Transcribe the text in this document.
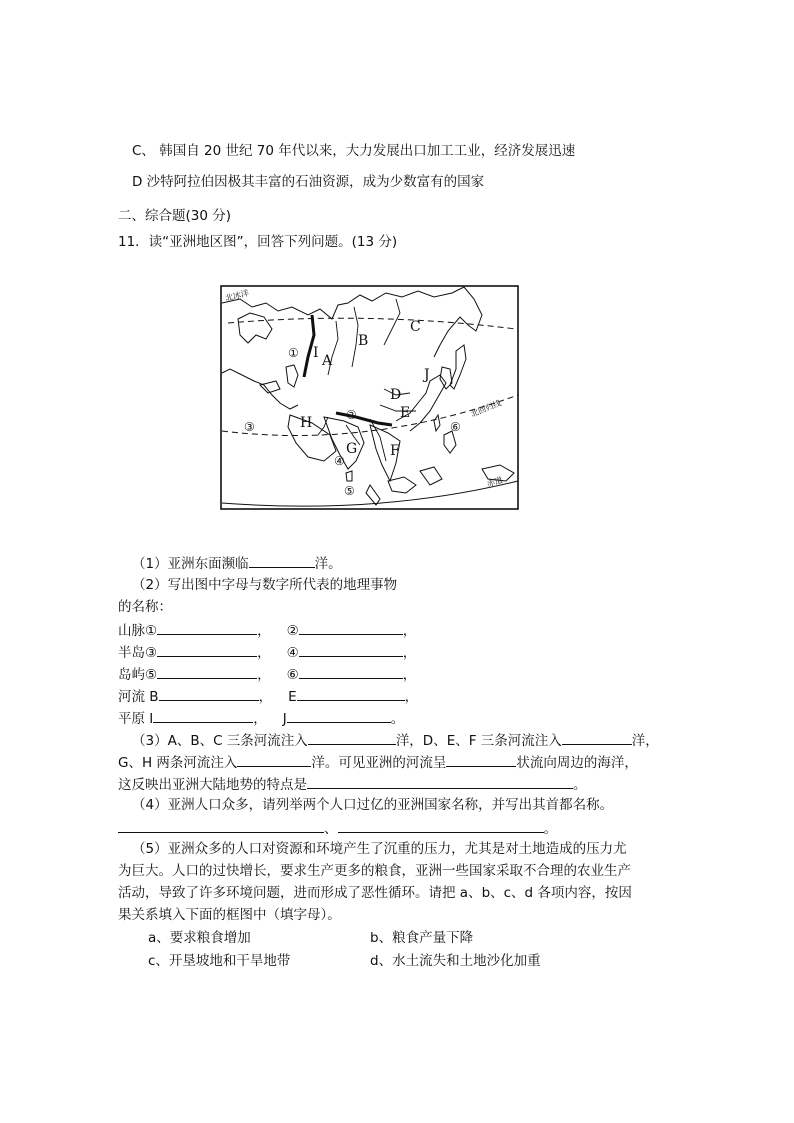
C、 韩国自 20 世纪 70 年代以来，大力发展出口加工工业，经济发展迅速
D 沙特阿拉伯因极其丰富的石油资源，成为少数富有的国家
二、综合题(30 分)
11．读“亚洲地区图”，回答下列问题。(13 分)
北冰洋
北回归线
赤道
① I A
B
C
J
D
E
②
H
③
G F
④
⑥
⑤
（1）亚洲东面濒临	洋。
（2）写出图中字母与数字所代表的地理事物
的名称：
山脉①	， ②	，
半岛③	， ④	，
岛屿⑤	， ⑥	，
河流 B	， E	，
平原 I	， J	。
（3）A、B、C 三条河流注入	洋，D、E、F 三条河流注入	洋，
G、H 两条河流注入	洋。可见亚洲的河流呈	状流向周边的海洋，
这反映出亚洲大陆地势的特点是	。
（4）亚洲人口众多，请列举两个人口过亿的亚洲国家名称，并写出其首都名称。
、	。
（5）亚洲众多的人口对资源和环境产生了沉重的压力，尤其是对土地造成的压力尤
为巨大。人口的过快增长，要求生产更多的粮食，亚洲一些国家采取不合理的农业生产
活动，导致了许多环境问题，进而形成了恶性循环。请把 a、b、c、d 各项内容，按因
果关系填入下面的框图中（填字母）。
a、要求粮食增加	b、粮食产量下降
c、开垦坡地和干旱地带	d、水土流失和土地沙化加重
